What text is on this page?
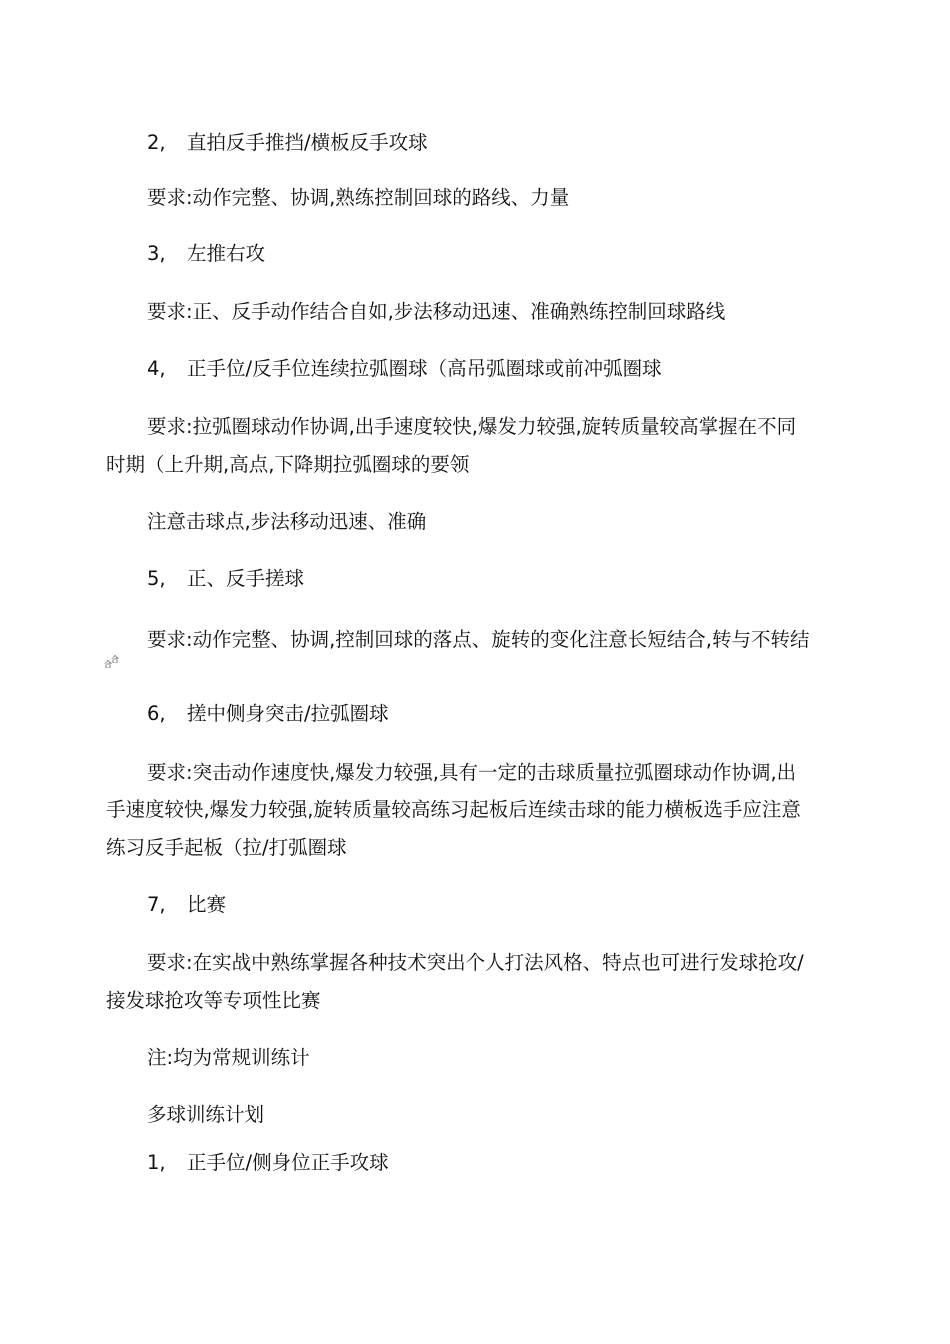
2, 直拍反手推挡/横板反手攻球
要求:动作完整、协调,熟练控制回球的路线、力量
3, 左推右攻
要求:正、反手动作结合自如,步法移动迅速、准确熟练控制回球路线
4, 正手位/反手位连续拉弧圈球（高吊弧圈球或前冲弧圈球
要求:拉弧圈球动作协调,出手速度较快,爆发力较强,旋转质量较高掌握在不同
时期（上升期,高点,下降期拉弧圈球的要领
注意击球点,步法移动迅速、准确
5, 正、反手搓球
要求:动作完整、协调,控制回球的落点、旋转的变化注意长短结合,转与不转结
合
合
6, 搓中侧身突击/拉弧圈球
要求:突击动作速度快,爆发力较强,具有一定的击球质量拉弧圈球动作协调,出
手速度较快,爆发力较强,旋转质量较高练习起板后连续击球的能力横板选手应注意
练习反手起板（拉/打弧圈球
7, 比赛
要求:在实战中熟练掌握各种技术突出个人打法风格、特点也可进行发球抢攻/
接发球抢攻等专项性比赛
注:均为常规训练计
多球训练计划
1, 正手位/侧身位正手攻球
